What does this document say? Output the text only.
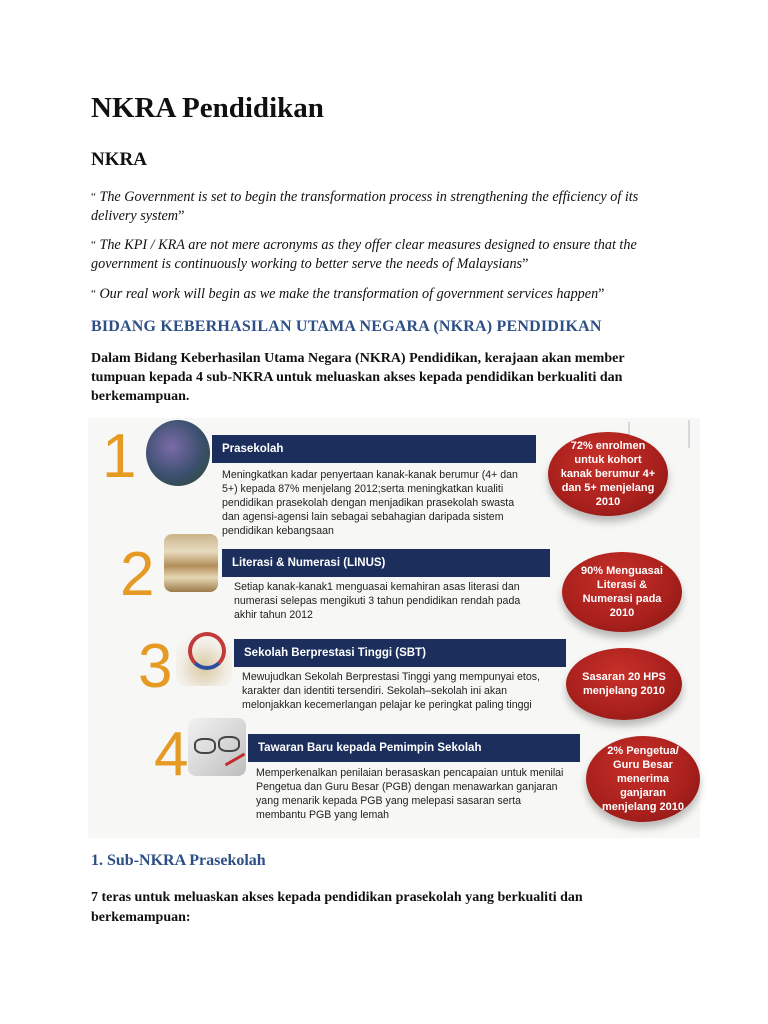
NKRA Pendidikan
NKRA
“ The Government is set to begin the transformation process in strengthening the efficiency of its delivery system”
“ The KPI / KRA are not mere acronyms as they offer clear measures designed to ensure that the government is continuously working to better serve the needs of Malaysians”
“ Our real work will begin as we make the transformation of government services happen”
BIDANG KEBERHASILAN UTAMA NEGARA (NKRA) PENDIDIKAN
Dalam Bidang Keberhasilan Utama Negara (NKRA) Pendidikan, kerajaan akan member tumpuan kepada 4 sub-NKRA untuk meluaskan akses kepada pendidikan berkualiti dan berkemampuan.
1	Prasekolah
Meningkatkan kadar penyertaan kanak-kanak berumur (4+ dan 5+) kepada 87% menjelang 2012;serta meningkatkan kualiti pendidikan prasekolah dengan menjadikan prasekolah swasta dan agensi-agensi lain sebagai sebahagian daripada sistem pendidikan kebangsaan
72% enrolmen untuk kohort kanak berumur 4+ dan 5+ menjelang 2010
2	Literasi & Numerasi (LINUS)
Setiap kanak-kanak1 menguasai kemahiran asas literasi dan numerasi selepas mengikuti 3 tahun pendidikan rendah pada akhir tahun 2012
90% Menguasai Literasi & Numerasi pada 2010
3	Sekolah Berprestasi Tinggi (SBT)
Mewujudkan Sekolah Berprestasi Tinggi yang mempunyai etos, karakter dan identiti tersendiri. Sekolah–sekolah ini akan melonjakkan kecemerlangan pelajar ke peringkat paling tinggi
Sasaran 20 HPS menjelang 2010
4	Tawaran Baru kepada Pemimpin Sekolah
Memperkenalkan penilaian berasaskan pencapaian untuk menilai Pengetua dan Guru Besar (PGB) dengan menawarkan ganjaran yang menarik kepada PGB yang melepasi sasaran serta membantu PGB yang lemah
2% Pengetua/ Guru Besar menerima ganjaran menjelang 2010
1. Sub-NKRA Prasekolah
7 teras untuk meluaskan akses kepada pendidikan prasekolah yang berkualiti dan berkemampuan:
